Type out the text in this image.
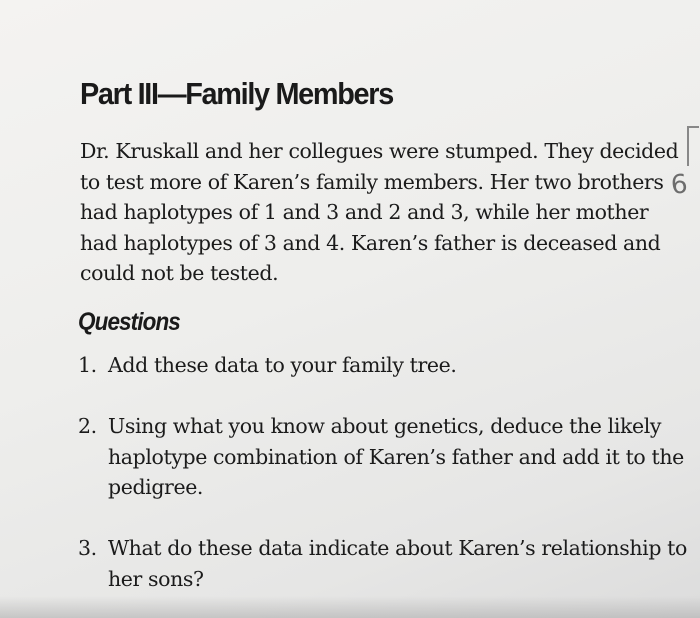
Part III—Family Members
Dr. Kruskall and her collegues were stumped. They decided
to test more of Karen’s family members. Her two brothers
had haplotypes of 1 and 3 and 2 and 3, while her mother
had haplotypes of 3 and 4. Karen’s father is deceased and
could not be tested.
Questions
1. Add these data to your family tree.
2. Using what you know about genetics, deduce the likely
haplotype combination of Karen’s father and add it to the
pedigree.
3. What do these data indicate about Karen’s relationship to
her sons?
6
